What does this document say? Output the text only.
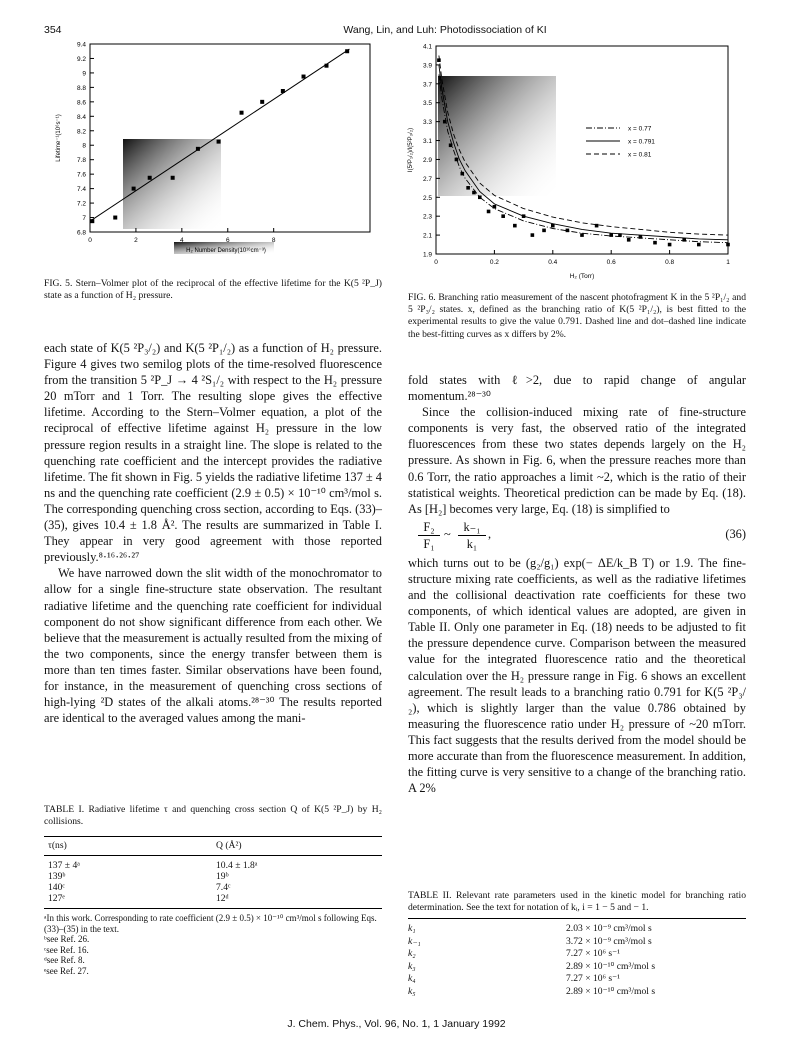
354	Wang, Lin, and Luh: Photodissociation of KI
6.8
7
7.2
7.4
7.6
7.8
8
8.2
8.4
8.6
8.8
9
9.2
9.4
0	2	4	6	8
Lifetime⁻¹(10⁶s⁻¹)
H₂ Number Density(10¹⁶cm⁻³)
FIG. 5. Stern–Volmer plot of the reciprocal of the effective lifetime for the K(5 ²P_J) state as a function of H₂ pressure.
1.9
2.1
2.3
2.5
2.7
2.9
3.1
3.3
3.5
3.7
3.9
4.1
0	0.2	0.4	0.6	0.8	1
I(5²P₁/₂)/I(5²P₃/₂)
H₂ (Torr)
x = 0.77
x = 0.791
x = 0.81
FIG. 6. Branching ratio measurement of the nascent photofragment K in the 5 ²P₁/₂ and 5 ²P₃/₂ states. x, defined as the branching ratio of K(5 ²P₁/₂), is best fitted to the experimental results to give the value 0.791. Dashed line and dot–dashed line indicate the best-fitting curves as x differs by 2%.

each state of K(5 ²P₃/₂) and K(5 ²P₁/₂) as a function of H₂ pressure. Figure 4 gives two semilog plots of the time-resolved fluorescence from the transition 5 ²P_J → 4 ²S₁/₂ with respect to the H₂ pressure 20 mTorr and 1 Torr. The resulting slope gives the effective lifetime. According to the Stern–Volmer equation, a plot of the reciprocal of effective lifetime against H₂ pressure in the low pressure region results in a straight line. The slope is related to the quenching rate coefficient and the intercept provides the radiative lifetime. The fit shown in Fig. 5 yields the radiative lifetime 137 ± 4 ns and the quenching rate coefficient (2.9 ± 0.5) × 10⁻¹⁰ cm³/mol s. The corresponding quenching cross section, according to Eqs. (33)–(35), gives 10.4 ± 1.8 Å². The results are summarized in Table I. They appear in very good agreement with those reported previously.⁸·¹⁶·²⁶·²⁷

We have narrowed down the slit width of the monochromator to allow for a single fine-structure state observation. The resultant radiative lifetime and the quenching rate coefficient for individual component do not show significant difference from each other. We believe that the measurement is actually resulted from the mixing of the two components, since the energy transfer between them is more than ten times faster. Similar observations have been found, for instance, in the measurement of quenching cross sections of high-lying ²D states of the alkali atoms.²⁸⁻³⁰ The results reported are identical to the averaged values among the mani-

TABLE I. Radiative lifetime τ and quenching cross section Q of K(5 ²P_J) by H₂ collisions.
τ(ns)	Q (Å²)
137 ± 4ᵃ	10.4 ± 1.8ᵃ
139ᵇ	19ᵇ
140ᶜ	7.4ᶜ
127ᵉ	12ᵈ
ᵃIn this work. Corresponding to rate coefficient (2.9 ± 0.5) × 10⁻¹⁰ cm³/mol s following Eqs. (33)–(35) in the text.
ᵇsee Ref. 26.
ᶜsee Ref. 16.
ᵈsee Ref. 8.
ᵉsee Ref. 27.

fold states with ℓ>2, due to rapid change of angular momentum.²⁸⁻³⁰

Since the collision-induced mixing rate of fine-structure components is very fast, the observed ratio of the integrated fluorescences from these two states depends largely on the H₂ pressure. As shown in Fig. 6, when the pressure reaches more than 0.6 Torr, the ratio approaches a limit ~2, which is the ratio of their statistical weights. Theoretical prediction can be made by Eq. (18). As [H₂] becomes very large, Eq. (18) is simplified to

$\frac{\text{F₂}}{\text{F₁}}$ ~ $\frac{\text{k₋₁}}{\text{k₁}}$ ,	(36)

which turns out to be (g₂/g₁) exp(− ΔE/k_B T) or 1.9. The fine-structure mixing rate coefficients, as well as the radiative lifetimes and the collisional deactivation rate coefficients for these two components, of which identical values are adopted, are given in Table II. Only one parameter in Eq. (18) needs to be adjusted to fit the pressure dependence curve. Comparison between the measured value for the integrated fluorescence ratio and the theoretical calculation over the H₂ pressure range in Fig. 6 shows an excellent agreement. The result leads to a branching ratio 0.791 for K(5 ²P₃/₂), which is slightly larger than the value 0.786 obtained by measuring the fluorescence ratio under H₂ pressure of ~20 mTorr. This fact suggests that the results derived from the model should be more accurate than from the fluorescence measurement. In addition, the fitting curve is very sensitive to a change of the branching ratio. A 2%

TABLE II. Relevant rate parameters used in the kinetic model for branching ratio determination. See the text for notation of kᵢ, i = 1 − 5 and − 1.
k₁	2.03 × 10⁻⁹ cm³/mol s
k₋₁	3.72 × 10⁻⁹ cm³/mol s
k₂	7.27 × 10⁶ s⁻¹
k₃	2.89 × 10⁻¹⁰ cm³/mol s
k₄	7.27 × 10⁶ s⁻¹
k₅	2.89 × 10⁻¹⁰ cm³/mol s
J. Chem. Phys., Vol. 96, No. 1, 1 January 1992
